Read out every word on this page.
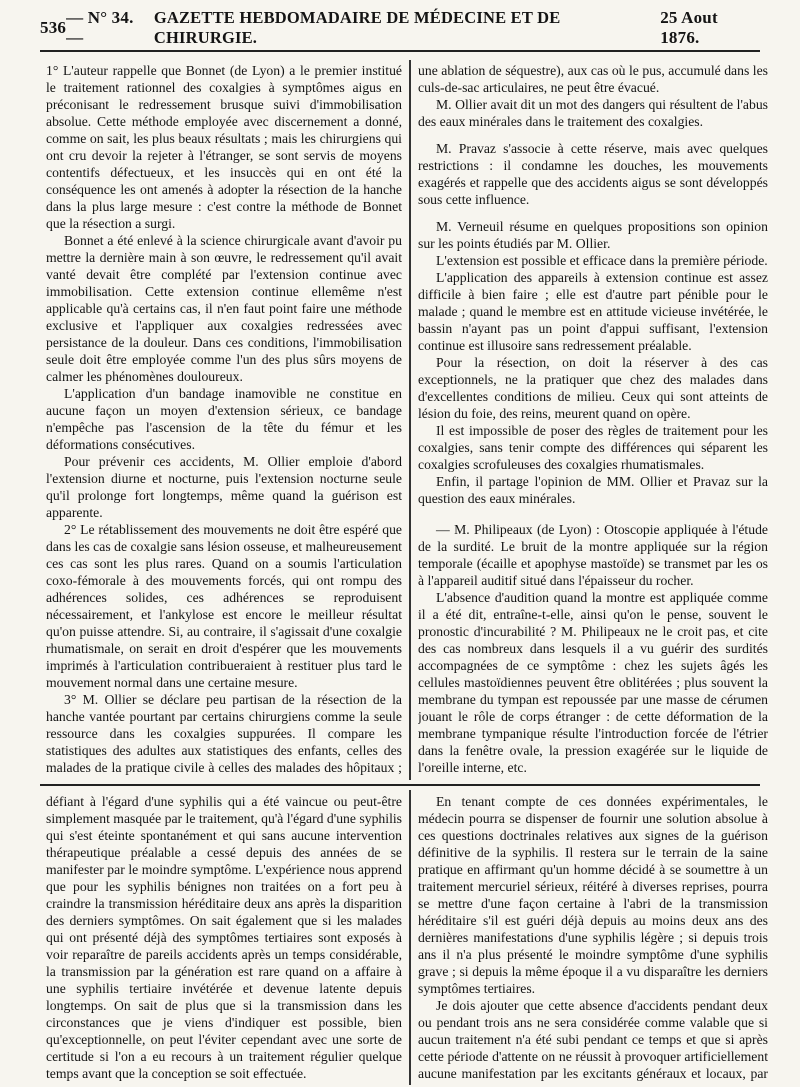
536
— N° 34. —
GAZETTE HEBDOMADAIRE DE MÉDECINE ET DE CHIRURGIE.
25 Aout 1876.

1° L'auteur rappelle que Bonnet (de Lyon) a le premier institué le traitement rationnel des coxalgies à symptômes aigus en préconisant le redressement brusque suivi d'immobilisation absolue. Cette méthode employée avec discernement a donné, comme on sait, les plus beaux résultats ; mais les chirurgiens qui ont cru devoir la rejeter à l'étranger, se sont servis de moyens contentifs défectueux, et les insuccès qui en ont été la conséquence les ont amenés à adopter la résection de la hanche dans la plus large mesure : c'est contre la méthode de Bonnet que la résection a surgi.

Bonnet a été enlevé à la science chirurgicale avant d'avoir pu mettre la dernière main à son œuvre, le redressement qu'il avait vanté devait être complété par l'extension continue avec immobilisation. Cette extension continue ellemême n'est applicable qu'à certains cas, il n'en faut point faire une méthode exclusive et l'appliquer aux coxalgies redressées avec persistance de la douleur. Dans ces conditions, l'immobilisation seule doit être employée comme l'un des plus sûrs moyens de calmer les phénomènes douloureux.

L'application d'un bandage inamovible ne constitue en aucune façon un moyen d'extension sérieux, ce bandage n'empêche pas l'ascension de la tête du fémur et les déformations consécutives.

Pour prévenir ces accidents, M. Ollier emploie d'abord l'extension diurne et nocturne, puis l'extension nocturne seule qu'il prolonge fort longtemps, même quand la guérison est apparente.

2° Le rétablissement des mouvements ne doit être espéré que dans les cas de coxalgie sans lésion osseuse, et malheureusement ces cas sont les plus rares. Quand on a soumis l'articulation coxo-fémorale à des mouvements forcés, qui ont rompu des adhérences solides, ces adhérences se reproduisent nécessairement, et l'ankylose est encore le meilleur résultat qu'on puisse attendre. Si, au contraire, il s'agissait d'une coxalgie rhumatismale, on serait en droit d'espérer que les mouvements imprimés à l'articulation contribueraient à restituer plus tard le mouvement normal dans une certaine mesure.

3° M. Ollier se déclare peu partisan de la résection de la hanche vantée pourtant par certains chirurgiens comme la seule ressource dans les coxalgies suppurées. Il compare les statistiques des adultes aux statistiques des enfants, celles des malades de la pratique civile à celles des malades des hôpitaux ;

une ablation de séquestre), aux cas où le pus, accumulé dans les culs-de-sac articulaires, ne peut être évacué.

M. Ollier avait dit un mot des dangers qui résultent de l'abus des eaux minérales dans le traitement des coxalgies.

M. Pravaz s'associe à cette réserve, mais avec quelques restrictions : il condamne les douches, les mouvements exagérés et rappelle que des accidents aigus se sont développés sous cette influence.

M. Verneuil résume en quelques propositions son opinion sur les points étudiés par M. Ollier.

L'extension est possible et efficace dans la première période.

L'application des appareils à extension continue est assez difficile à bien faire ; elle est d'autre part pénible pour le malade ; quand le membre est en attitude vicieuse invétérée, le bassin n'ayant pas un point d'appui suffisant, l'extension continue est illusoire sans redressement préalable.

Pour la résection, on doit la réserver à des cas exceptionnels, ne la pratiquer que chez des malades dans d'excellentes conditions de milieu. Ceux qui sont atteints de lésion du foie, des reins, meurent quand on opère.

Il est impossible de poser des règles de traitement pour les coxalgies, sans tenir compte des différences qui séparent les coxalgies scrofuleuses des coxalgies rhumatismales.

Enfin, il partage l'opinion de MM. Ollier et Pravaz sur la question des eaux minérales.

— M. Philipeaux (de Lyon) : Otoscopie appliquée à l'étude de la surdité. Le bruit de la montre appliquée sur la région temporale (écaille et apophyse mastoïde) se transmet par les os à l'appareil auditif situé dans l'épaisseur du rocher.

L'absence d'audition quand la montre est appliquée comme il a été dit, entraîne-t-elle, ainsi qu'on le pense, souvent le pronostic d'incurabilité ? M. Philipeaux ne le croit pas, et cite des cas nombreux dans lesquels il a vu guérir des surdités accompagnées de ce symptôme : chez les sujets âgés les cellules mastoïdiennes peuvent être oblitérées ; plus souvent la membrane du tympan est repoussée par une masse de cérumen jouant le rôle de corps étranger : de cette déformation de la membrane tympanique résulte l'introduction forcée de l'étrier dans la fenêtre ovale, la pression exagérée sur le liquide de l'oreille interne, etc.

défiant à l'égard d'une syphilis qui a été vaincue ou peut-être simplement masquée par le traitement, qu'à l'égard d'une syphilis qui s'est éteinte spontanément et qui sans aucune intervention thérapeutique préalable a cessé depuis des années de se manifester par le moindre symptôme. L'expérience nous apprend que pour les syphilis bénignes non traitées on a fort peu à craindre la transmission héréditaire deux ans après la disparition des derniers symptômes. On sait également que si les malades qui ont présenté déjà des symptômes tertiaires sont exposés à voir reparaître de pareils accidents après un temps considérable, la transmission par la génération est rare quand on a affaire à une syphilis tertiaire invétérée et devenue latente depuis longtemps. On sait de plus que si la transmission dans les circonstances que je viens d'indiquer est possible, bien qu'exceptionnelle, on peut l'éviter cependant avec une sorte de certitude si l'on a eu recours à un traitement régulier quelque temps avant que la conception se soit effectuée.

En tenant compte de ces données expérimentales, le médecin pourra se dispenser de fournir une solution absolue à ces questions doctrinales relatives aux signes de la guérison définitive de la syphilis. Il restera sur le terrain de la saine pratique en affirmant qu'un homme décidé à se soumettre à un traitement mercuriel sérieux, réitéré à diverses reprises, pourra se mettre d'une façon certaine à l'abri de la transmission héréditaire s'il est guéri déjà depuis au moins deux ans des dernières manifestations d'une syphilis légère ; si depuis trois ans il n'a plus présenté le moindre symptôme d'une syphilis grave ; si depuis la même époque il a vu disparaître les derniers symptômes tertiaires.

Je dois ajouter que cette absence d'accidents pendant deux ou pendant trois ans ne sera considérée comme valable que si aucun traitement n'a été subi pendant ce temps et que si après cette période d'attente on ne réussit à provoquer artificiellement aucune manifestation par les excitants généraux et locaux, par
